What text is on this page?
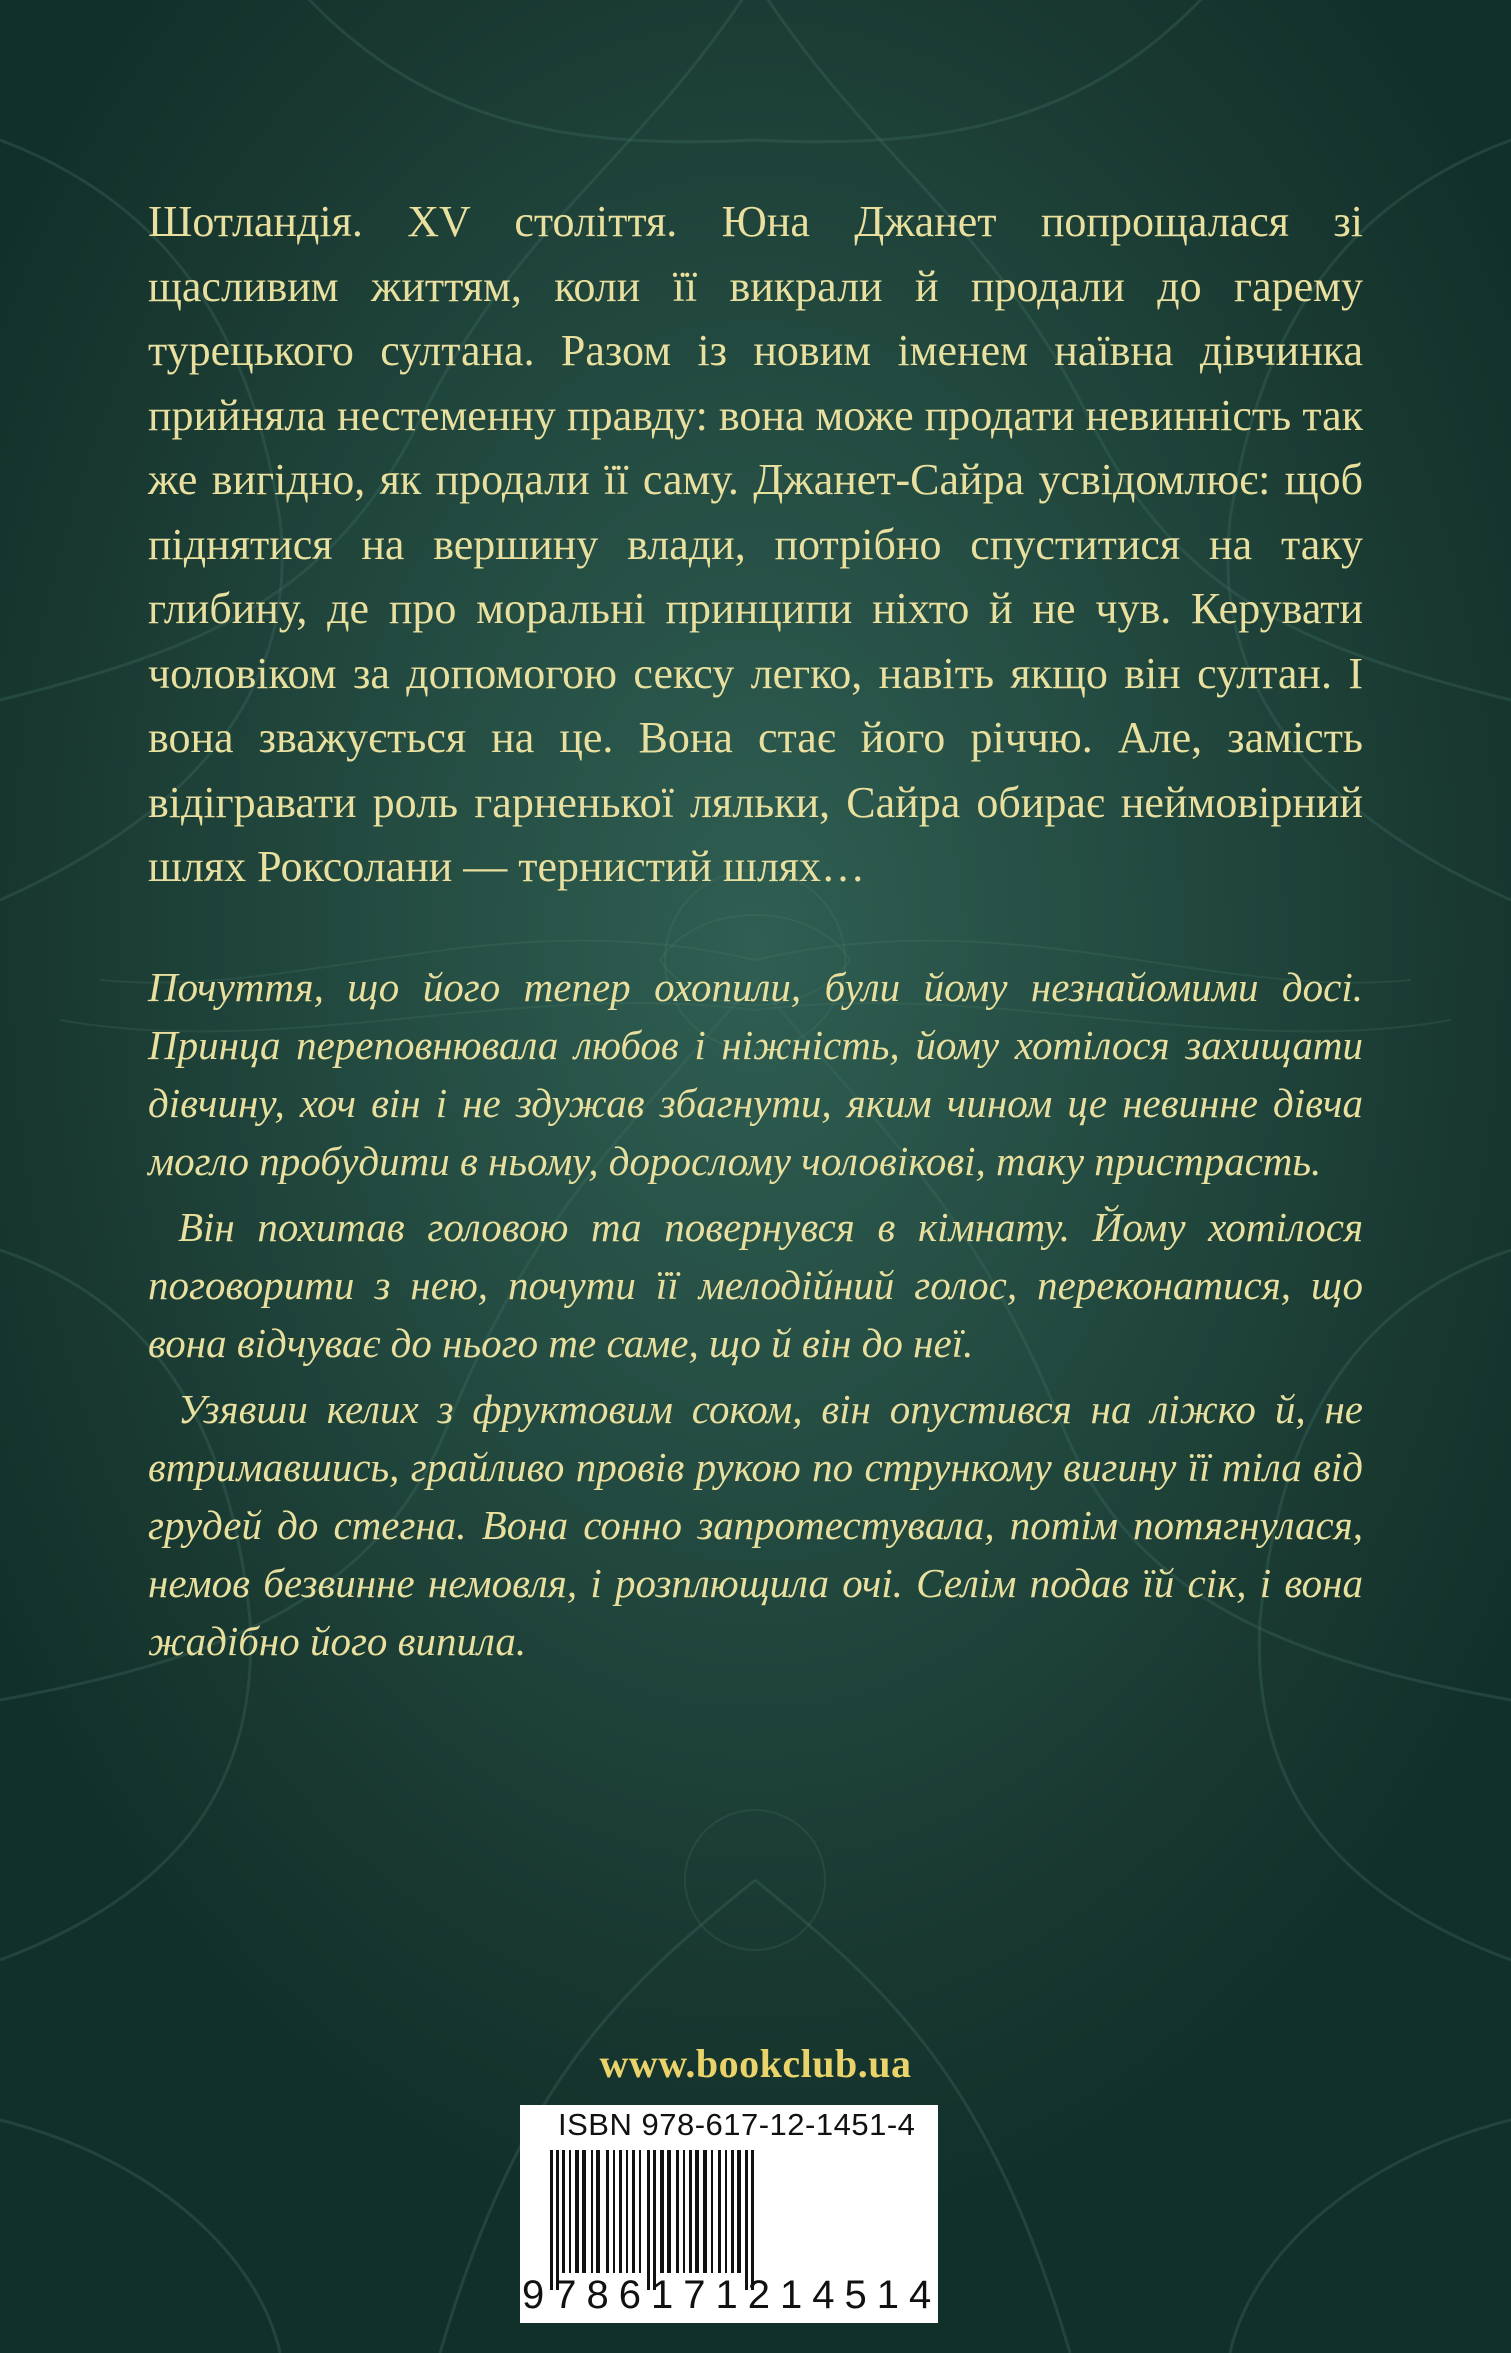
Шотландія. XV століття. Юна Джанет попрощалася зі щасливим життям, коли її викрали й продали до гарему турецького султана. Разом із новим іменем наївна дівчинка прийняла нестеменну правду: вона може продати невинність так же вигідно, як продали її саму. Джанет-Сайра усвідомлює: щоб піднятися на вершину влади, потрібно спуститися на таку глибину, де про моральні принципи ніхто й не чув. Керувати чоловіком за допомогою сексу легко, навіть якщо він султан. І вона зважується на це. Вона стає його річчю. Але, замість відігравати роль гарненької ляльки, Сайра обирає неймовірний шлях Роксолани — тернистий шлях…

Почуття, що його тепер охопили, були йому незнайомими досі. Принца переповнювала любов і ніжність, йому хотілося захищати дівчину, хоч він і не здужав збагнути, яким чином це невинне дівча могло пробудити в ньому, дорослому чоловікові, таку пристрасть.

Він похитав головою та повернувся в кімнату. Йому хотілося поговорити з нею, почути її мелодійний голос, переконатися, що вона відчуває до нього те саме, що й він до неї.

Узявши келих з фруктовим соком, він опустився на ліжко й, не втримавшись, грайливо провів рукою по стрункому вигину її тіла від грудей до стегна. Вона сонно запротестувала, потім потягнулася, немов безвинне немовля, і розплющила очі. Селім подав їй сік, і вона жадібно його випила.

www.bookclub.ua
ISBN 978-617-12-1451-4
9786171214514
